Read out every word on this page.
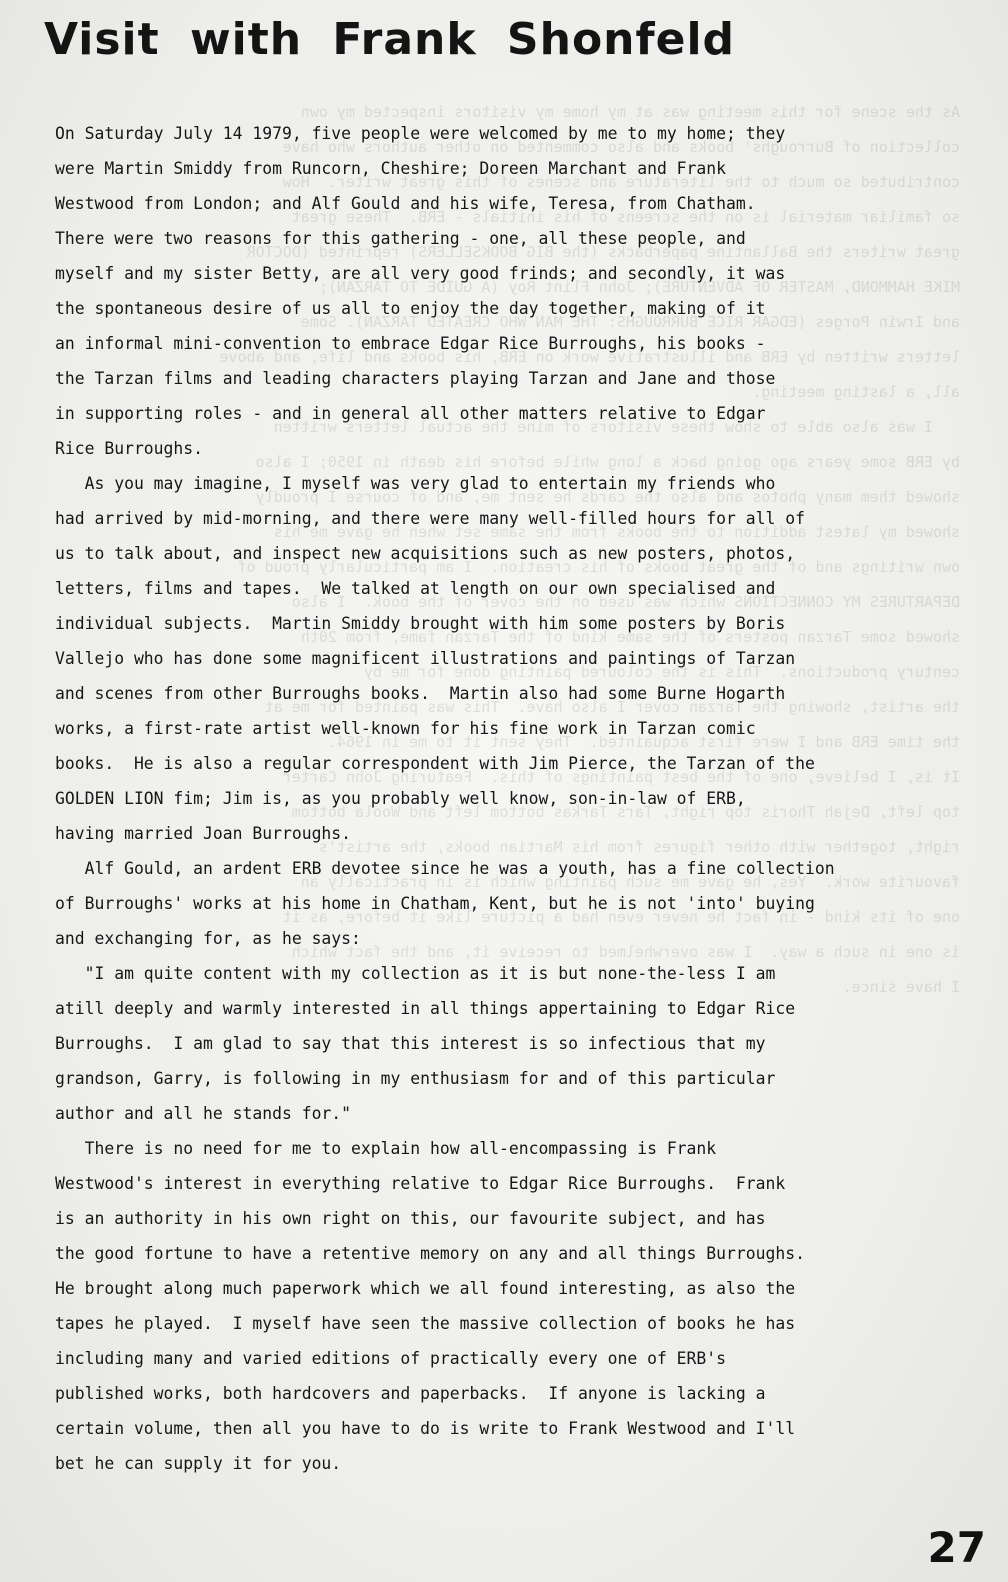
As the scene for this meeting was at my home my visitors inspected my own
collection of Burroughs' books and also commented on other authors who have
contributed so much to the literature and scenes of this great writer.  How
so familiar material is on the screens of his initials - ERB.  These great
great writers the Ballantine paperbacks (the BIG BOOKSELLERS) reprinted (DOCTOR
MIKE HAMMOND, MASTER OF ADVENTURE); John Flint Roy (A GUIDE TO TARZAN);
and Irwin Porges (EDGAR RICE BURROUGHS: THE MAN WHO CREATED TARZAN). Some
letters written by ERB and illustrative work on ERB, his books and life, and above
all, a lasting meeting.
I was also able to show these visitors of mine the actual letters written
by ERB some years ago going back a long while before his death in 1950; I also
showed them many photos and also the cards he sent me, and of course I proudly
showed my latest addition to the books from the same set when he gave me his
own writings and of the great books of his creation.  I am particularly proud of
DEPARTURES MY CONNECTIONS which was used on the cover of the book.  I also
showed some Tarzan posters of the same kind of the Tarzan fame, from 20th
century productions.  This is the coloured painting done for me by
the artist, showing the Tarzan cover I also have.  This was painted for me at
the time ERB and I were first acquainted.  They sent it to me in 1964.
It is, I believe, one of the best paintings of this.  Featuring John Carter
top left, Dejah Thoris top right, Tars Tarkas bottom left and Woola bottom
right, together with other figures from his Martian books, the artist's
favourite work.  Yes, he gave me such painting which is in practically an
one of its kind - in fact he never even had a picture like it before, as it
is one in such a way.  I was overwhelmed to receive it, and the fact which
I have since.
Visit with Frank Shonfeld

On Saturday July 14 1979, five people were welcomed by me to my home; they
were Martin Smiddy from Runcorn, Cheshire; Doreen Marchant and Frank
Westwood from London; and Alf Gould and his wife, Teresa, from Chatham.
There were two reasons for this gathering - one, all these people, and
myself and my sister Betty, are all very good frinds; and secondly, it was
the spontaneous desire of us all to enjoy the day together, making of it
an informal mini-convention to embrace Edgar Rice Burroughs, his books -
the Tarzan films and leading characters playing Tarzan and Jane and those
in supporting roles - and in general all other matters relative to Edgar
Rice Burroughs.

As you may imagine, I myself was very glad to entertain my friends who
had arrived by mid-morning, and there were many well-filled hours for all of
us to talk about, and inspect new acquisitions such as new posters, photos,
letters, films and tapes.  We talked at length on our own specialised and
individual subjects.  Martin Smiddy brought with him some posters by Boris
Vallejo who has done some magnificent illustrations and paintings of Tarzan
and scenes from other Burroughs books.  Martin also had some Burne Hogarth
works, a first-rate artist well-known for his fine work in Tarzan comic
books.  He is also a regular correspondent with Jim Pierce, the Tarzan of the
GOLDEN LION fim; Jim is, as you probably well know, son-in-law of ERB,
having married Joan Burroughs.

Alf Gould, an ardent ERB devotee since he was a youth, has a fine collection
of Burroughs' works at his home in Chatham, Kent, but he is not 'into' buying
and exchanging for, as he says:

"I am quite content with my collection as it is but none-the-less I am
atill deeply and warmly interested in all things appertaining to Edgar Rice
Burroughs.  I am glad to say that this interest is so infectious that my
grandson, Garry, is following in my enthusiasm for and of this particular
author and all he stands for."

There is no need for me to explain how all-encompassing is Frank
Westwood's interest in everything relative to Edgar Rice Burroughs.  Frank
is an authority in his own right on this, our favourite subject, and has
the good fortune to have a retentive memory on any and all things Burroughs.
He brought along much paperwork which we all found interesting, as also the
tapes he played.  I myself have seen the massive collection of books he has
including many and varied editions of practically every one of ERB's
published works, both hardcovers and paperbacks.  If anyone is lacking a
certain volume, then all you have to do is write to Frank Westwood and I'll
bet he can supply it for you.

27
